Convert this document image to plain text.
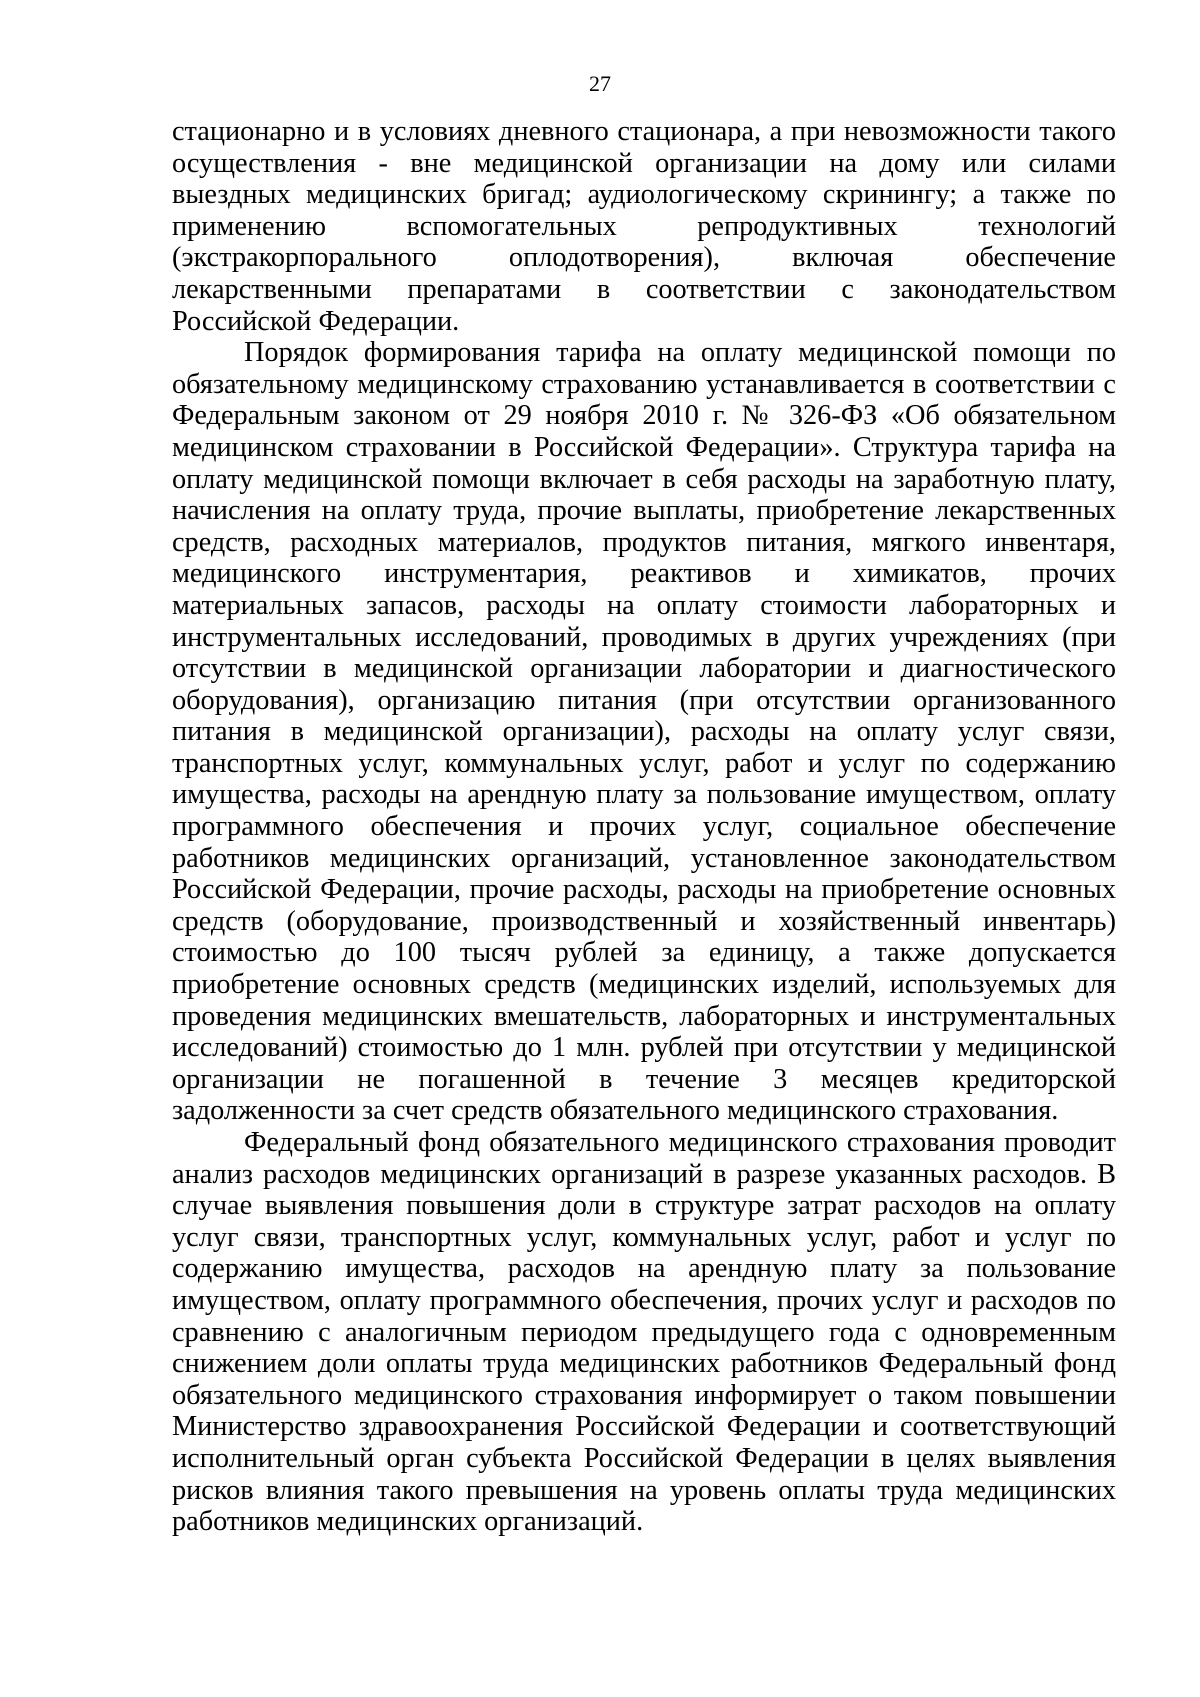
27

стационарно и в условиях дневного стационара, а при невозможности такого
осуществления - вне медицинской организации на дому или силами
выездных медицинских бригад; аудиологическому скринингу; а также по
применению вспомогательных репродуктивных технологий
(экстракорпорального оплодотворения), включая обеспечение
лекарственными препаратами в соответствии с законодательством
Российской Федерации.

Порядок формирования тарифа на оплату медицинской помощи по
обязательному медицинскому страхованию устанавливается в соответствии с
Федеральным законом от 29 ноября 2010 г. № 326-ФЗ «Об обязательном
медицинском страховании в Российской Федерации». Структура тарифа на
оплату медицинской помощи включает в себя расходы на заработную плату,
начисления на оплату труда, прочие выплаты, приобретение лекарственных
средств, расходных материалов, продуктов питания, мягкого инвентаря,
медицинского инструментария, реактивов и химикатов, прочих
материальных запасов, расходы на оплату стоимости лабораторных и
инструментальных исследований, проводимых в других учреждениях (при
отсутствии в медицинской организации лаборатории и диагностического
оборудования), организацию питания (при отсутствии организованного
питания в медицинской организации), расходы на оплату услуг связи,
транспортных услуг, коммунальных услуг, работ и услуг по содержанию
имущества, расходы на арендную плату за пользование имуществом, оплату
программного обеспечения и прочих услуг, социальное обеспечение
работников медицинских организаций, установленное законодательством
Российской Федерации, прочие расходы, расходы на приобретение основных
средств (оборудование, производственный и хозяйственный инвентарь)
стоимостью до 100 тысяч рублей за единицу, а также допускается
приобретение основных средств (медицинских изделий, используемых для
проведения медицинских вмешательств, лабораторных и инструментальных
исследований) стоимостью до 1 млн. рублей при отсутствии у медицинской
организации не погашенной в течение 3 месяцев кредиторской
задолженности за счет средств обязательного медицинского страхования.

Федеральный фонд обязательного медицинского страхования проводит
анализ расходов медицинских организаций в разрезе указанных расходов. В
случае выявления повышения доли в структуре затрат расходов на оплату
услуг связи, транспортных услуг, коммунальных услуг, работ и услуг по
содержанию имущества, расходов на арендную плату за пользование
имуществом, оплату программного обеспечения, прочих услуг и расходов по
сравнению с аналогичным периодом предыдущего года с одновременным
снижением доли оплаты труда медицинских работников Федеральный фонд
обязательного медицинского страхования информирует о таком повышении
Министерство здравоохранения Российской Федерации и соответствующий
исполнительный орган субъекта Российской Федерации в целях выявления
рисков влияния такого превышения на уровень оплаты труда медицинских
работников медицинских организаций.
